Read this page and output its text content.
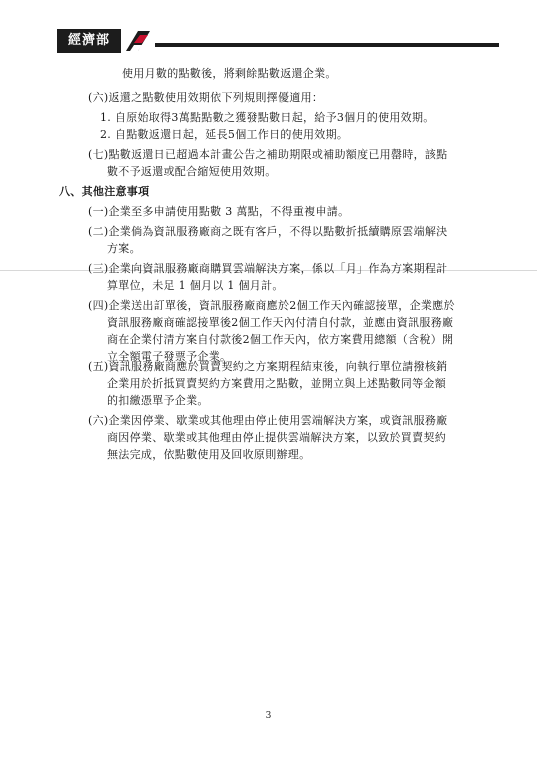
經濟部
使用月數的點數後，將剩餘點數返還企業。
(六)返還之點數使用效期依下列規則擇優適用：
1. 自原始取得3萬點點數之獲發點數日起，給予3個月的使用效期。
2. 自點數返還日起，延長5個工作日的使用效期。
(七)點數返還日已超過本計畫公告之補助期限或補助額度已用罄時，該點
數不予返還或配合縮短使用效期。
八、其他注意事項
(一)企業至多申請使用點數 3 萬點，不得重複申請。
(二)企業倘為資訊服務廠商之既有客戶，不得以點數折抵續購原雲端解決
方案。
(三)企業向資訊服務廠商購買雲端解決方案，係以「月」作為方案期程計
算單位，未足 1 個月以 1 個月計。
(四)企業送出訂單後，資訊服務廠商應於2個工作天內確認接單，企業應於
資訊服務廠商確認接單後2個工作天內付清自付款，並應由資訊服務廠
商在企業付清方案自付款後2個工作天內，依方案費用總額（含稅）開
立全額電子發票予企業。
(五)資訊服務廠商應於買賣契約之方案期程結束後，向執行單位請撥核銷
企業用於折抵買賣契約方案費用之點數，並開立與上述點數同等金額
的扣繳憑單予企業。
(六)企業因停業、歇業或其他理由停止使用雲端解決方案，或資訊服務廠
商因停業、歇業或其他理由停止提供雲端解決方案，以致於買賣契約
無法完成，依點數使用及回收原則辦理。
3
